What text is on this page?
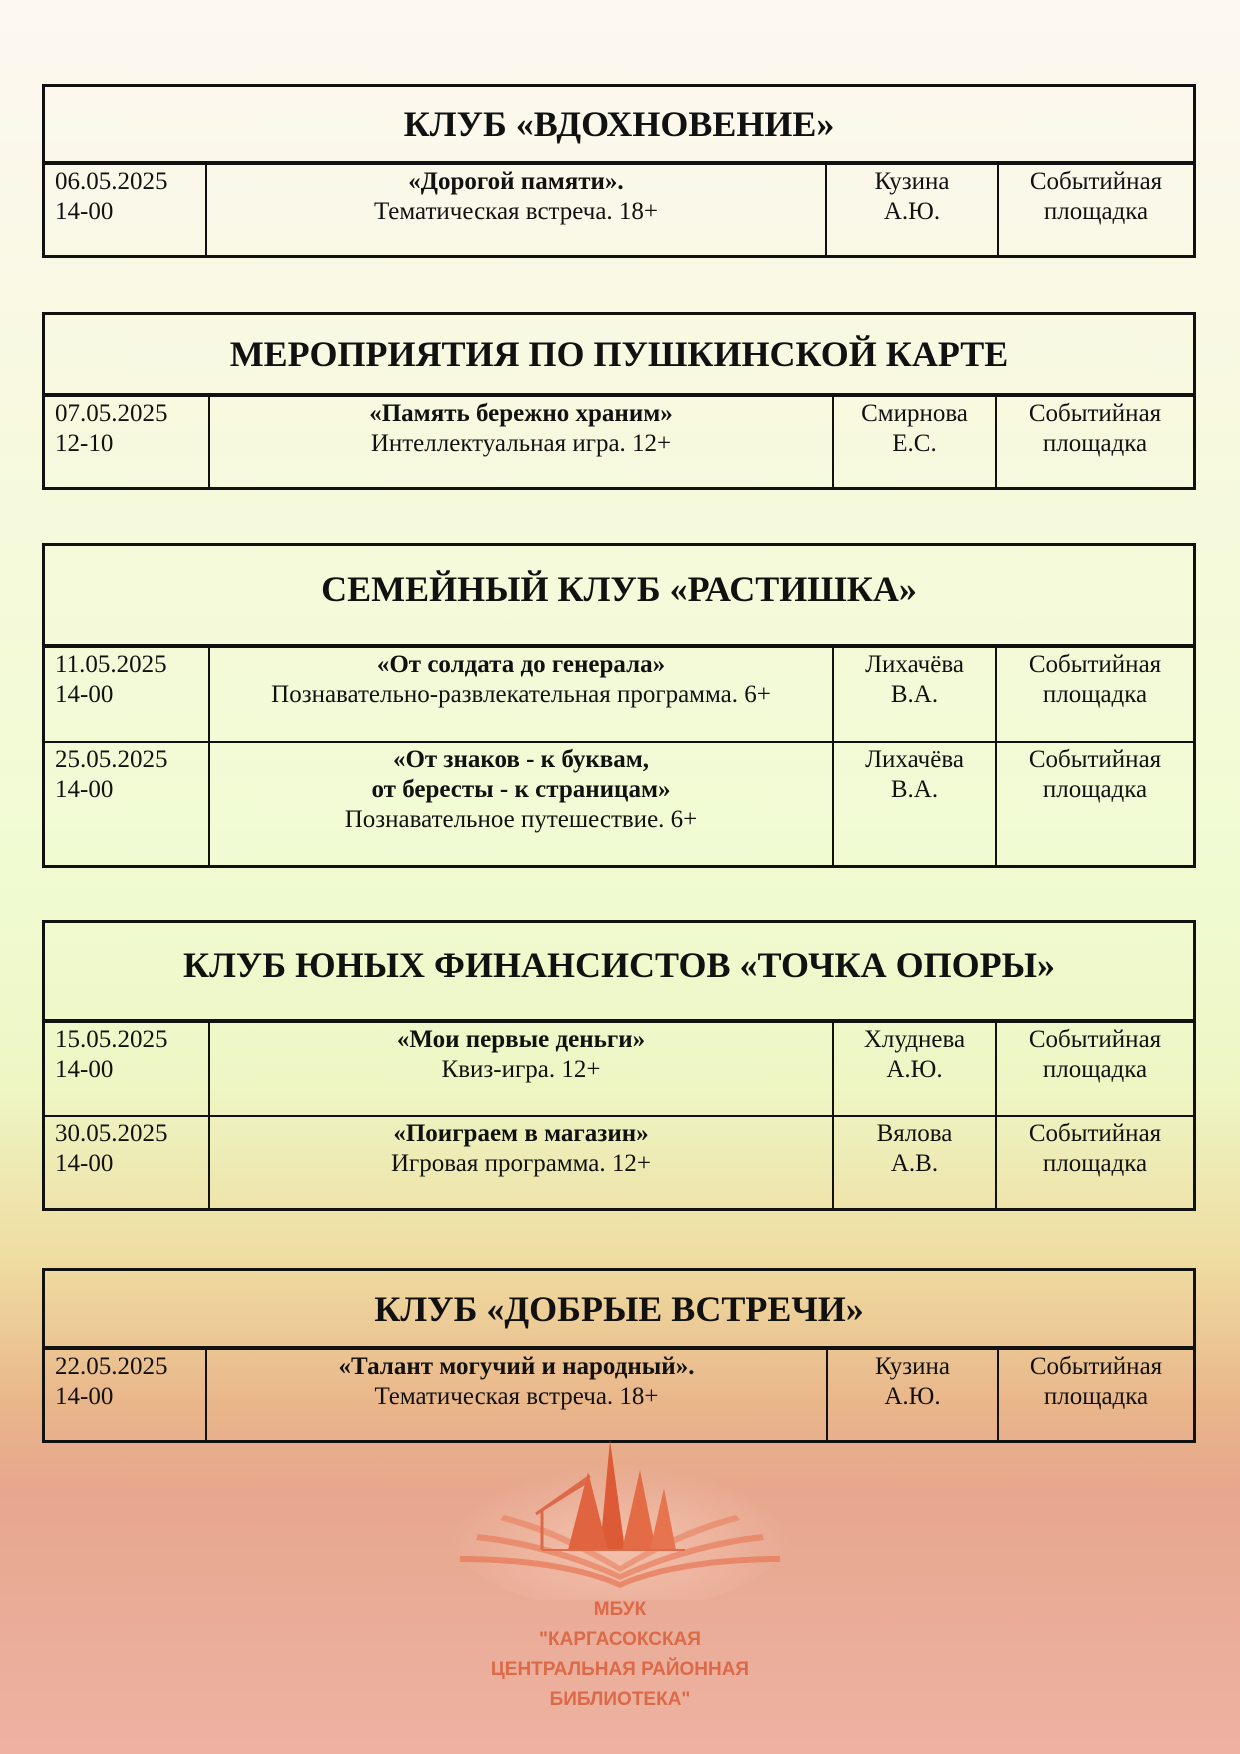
КЛУБ «ВДОХНОВЕНИЕ»
06.05.2025
14-00
«Дорогой памяти».
Тематическая встреча. 18+
Кузина
А.Ю.
Событийная
площадка
МЕРОПРИЯТИЯ ПО ПУШКИНСКОЙ КАРТЕ
07.05.2025
12-10
«Память бережно храним»
Интеллектуальная игра. 12+
Смирнова
Е.С.
Событийная
площадка
СЕМЕЙНЫЙ КЛУБ «РАСТИШКА»
11.05.2025
14-00
«От солдата до генерала»
Познавательно-развлекательная программа. 6+
Лихачёва
В.А.
Событийная
площадка
25.05.2025
14-00
«От знаков - к буквам,
от бересты - к страницам»
Познавательное путешествие. 6+
Лихачёва
В.А.
Событийная
площадка
КЛУБ ЮНЫХ ФИНАНСИСТОВ «ТОЧКА ОПОРЫ»
15.05.2025
14-00
«Мои первые деньги»
Квиз-игра. 12+
Хлуднева
А.Ю.
Событийная
площадка
30.05.2025
14-00
«Поиграем в магазин»
Игровая программа. 12+
Вялова
А.В.
Событийная
площадка
КЛУБ «ДОБРЫЕ ВСТРЕЧИ»
22.05.2025
14-00
«Талант могучий и народный».
Тематическая встреча. 18+
Кузина
А.Ю.
Событийная
площадка
МБУК
"КАРГАСОКСКАЯ
ЦЕНТРАЛЬНАЯ РАЙОННАЯ
БИБЛИОТЕКА"
